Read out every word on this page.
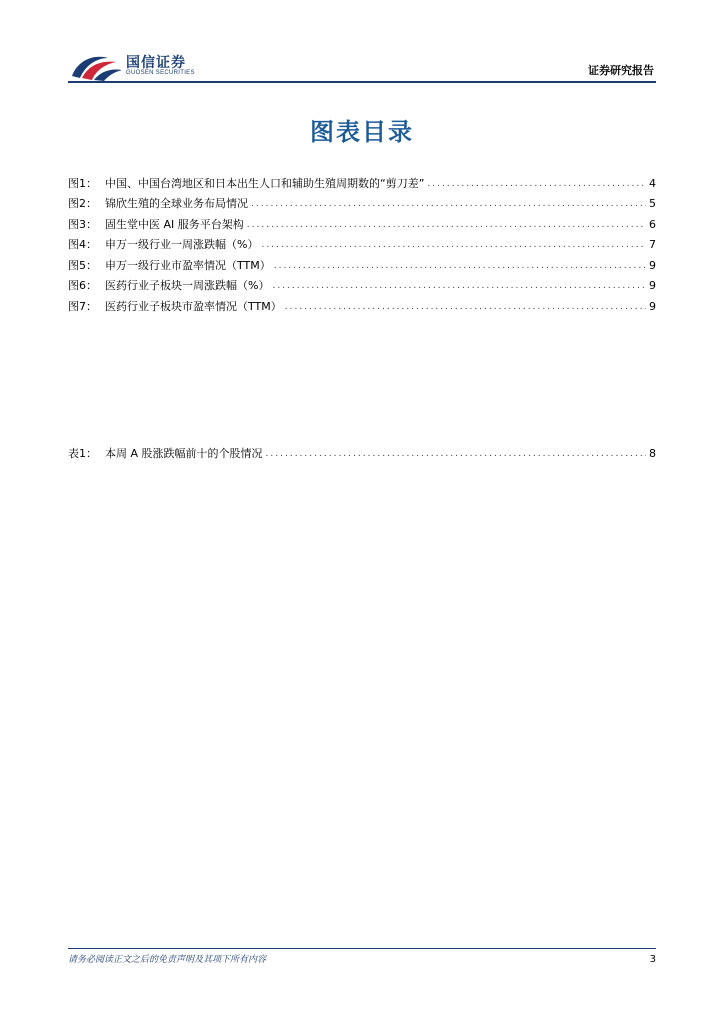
国信证券
GUOSEN SECURITIES	证券研究报告
图表目录
图1： 中国、中国台湾地区和日本出生人口和辅助生殖周期数的“剪刀差” .....	4
图2： 锦欣生殖的全球业务布局情况 .....	5
图3： 固生堂中医 AI 服务平台架构 .....	6
图4： 申万一级行业一周涨跌幅（%） .....	7
图5： 申万一级行业市盈率情况（TTM） .....	9
图6： 医药行业子板块一周涨跌幅（%） .....	9
图7： 医药行业子板块市盈率情况（TTM） .....	9
表1： 本周 A 股涨跌幅前十的个股情况 .....	8
请务必阅读正文之后的免责声明及其项下所有内容	3
